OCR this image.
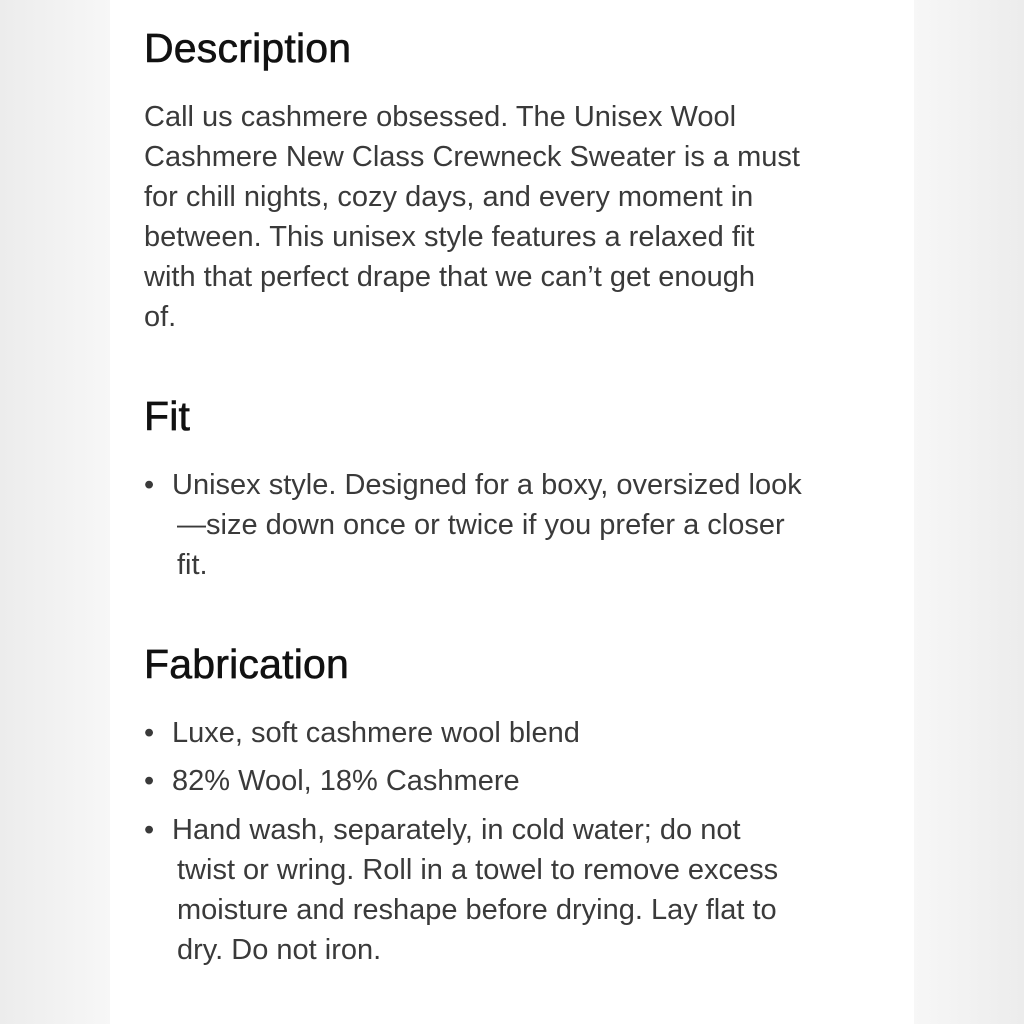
Description
Call us cashmere obsessed. The Unisex Wool
Cashmere New Class Crewneck Sweater is a must
for chill nights, cozy days, and every moment in
between. This unisex style features a relaxed fit
with that perfect drape that we can’t get enough
of.
Fit
• Unisex style. Designed for a boxy, oversized look
—size down once or twice if you prefer a closer
fit.
Fabrication
• Luxe, soft cashmere wool blend
• 82% Wool, 18% Cashmere
• Hand wash, separately, in cold water; do not
twist or wring. Roll in a towel to remove excess
moisture and reshape before drying. Lay flat to
dry. Do not iron.
